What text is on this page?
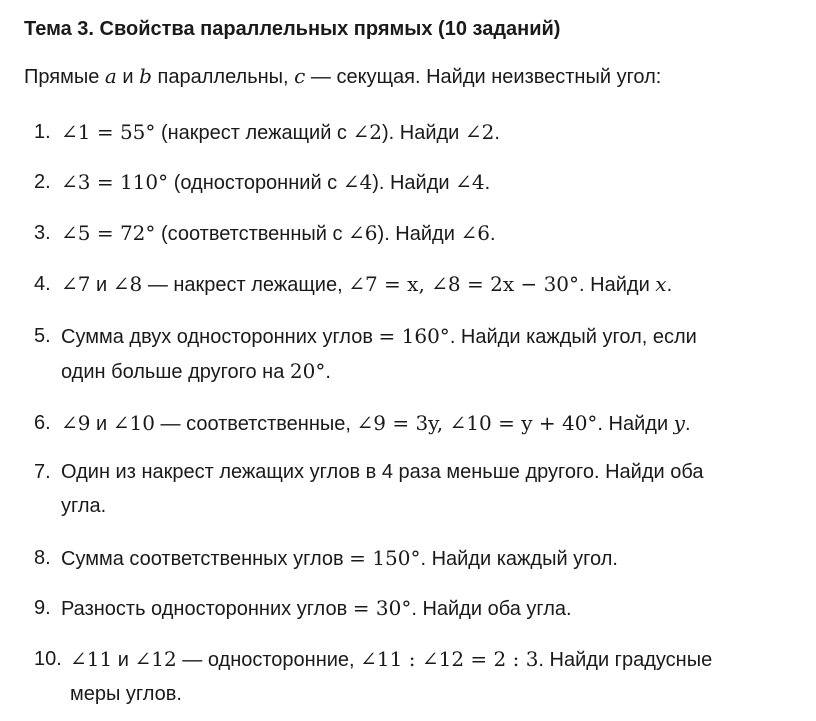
Тема 3. Свойства параллельных прямых (10 заданий)
Прямые a и b параллельны, c — секущая. Найди неизвестный угол:
1. ∠1 = 55° (накрест лежащий с ∠2). Найди ∠2.
2. ∠3 = 110° (односторонний с ∠4). Найди ∠4.
3. ∠5 = 72° (соответственный с ∠6). Найди ∠6.
4. ∠7 и ∠8 — накрест лежащие, ∠7 = x, ∠8 = 2x − 30°. Найди x.
5. Сумма двух односторонних углов = 160°. Найди каждый угол, если
один больше другого на 20°.
6. ∠9 и ∠10 — соответственные, ∠9 = 3y, ∠10 = y + 40°. Найди y.
7. Один из накрест лежащих углов в 4 раза меньше другого. Найди оба
угла.
8. Сумма соответственных углов = 150°. Найди каждый угол.
9. Разность односторонних углов = 30°. Найди оба угла.
10. ∠11 и ∠12 — односторонние, ∠11 : ∠12 = 2 : 3. Найди градусные
меры углов.
